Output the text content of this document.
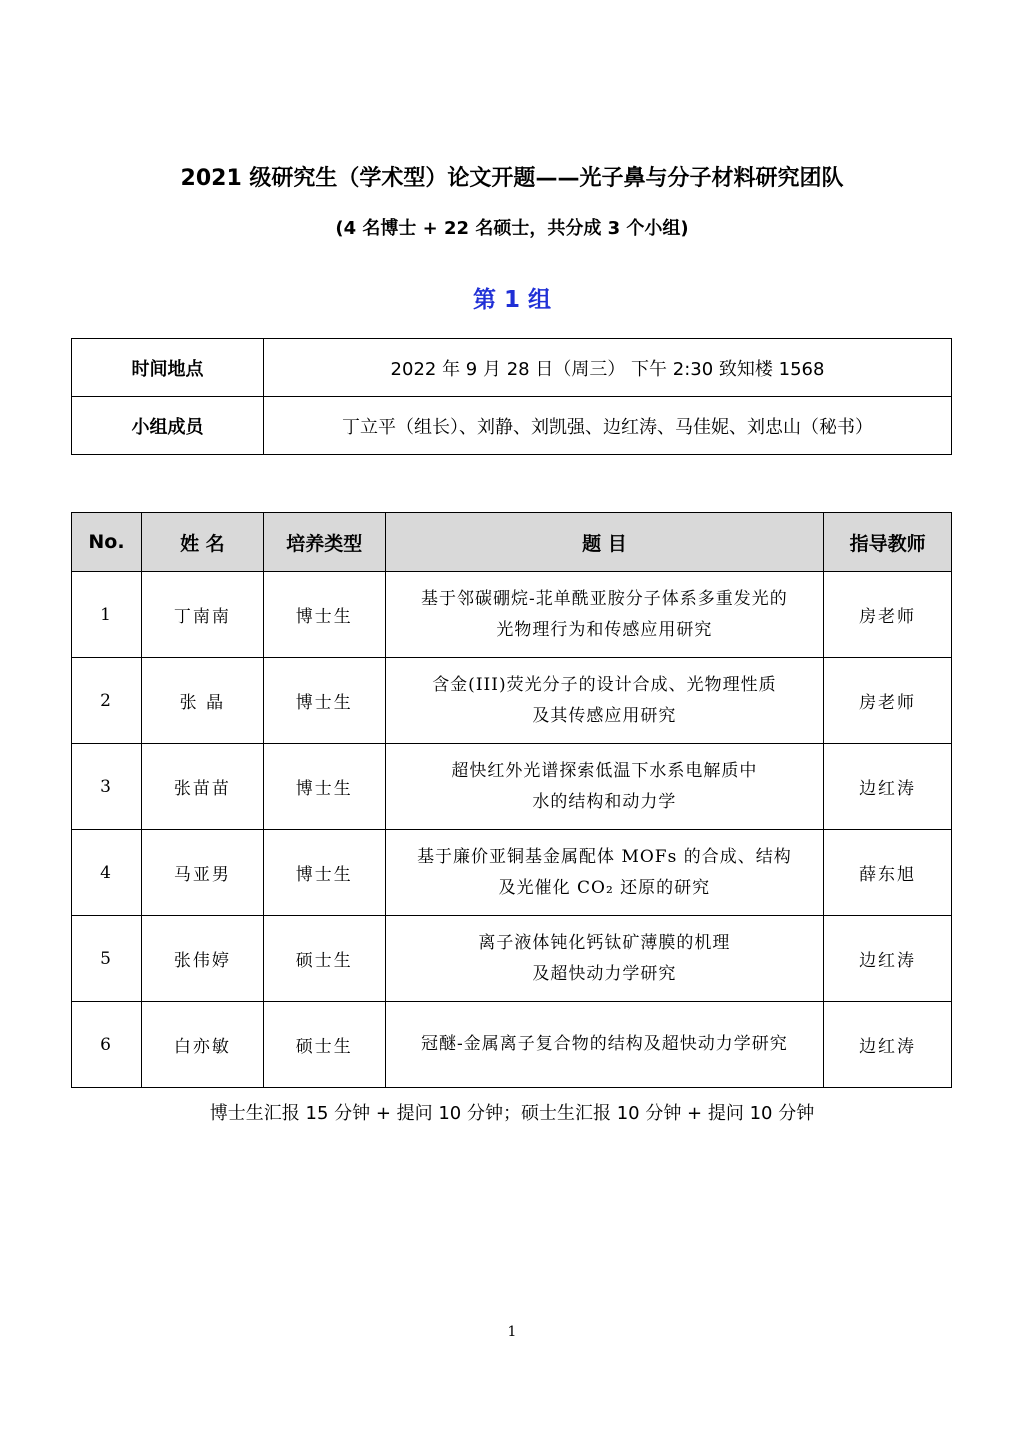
2021 级研究生（学术型）论文开题——光子鼻与分子材料研究团队
(4 名博士 + 22 名硕士，共分成 3 个小组)
第 1 组
时间地点	2022 年 9 月 28 日（周三） 下午 2:30 致知楼 1568
小组成员	丁立平（组长）、刘静、刘凯强、边红涛、马佳妮、刘忠山（秘书）
No.	姓 名	培养类型	题 目	指导教师
1	丁南南	博士生	基于邻碳硼烷-苝单酰亚胺分子体系多重发光的
光物理行为和传感应用研究	房老师
2	张 晶	博士生	含金(III)荧光分子的设计合成、光物理性质
及其传感应用研究	房老师
3	张苗苗	博士生	超快红外光谱探索低温下水系电解质中
水的结构和动力学	边红涛
4	马亚男	博士生	基于廉价亚铜基金属配体 MOFs 的合成、结构
及光催化 CO₂ 还原的研究	薛东旭
5	张伟婷	硕士生	离子液体钝化钙钛矿薄膜的机理
及超快动力学研究	边红涛
6	白亦敏	硕士生	冠醚-金属离子复合物的结构及超快动力学研究	边红涛
博士生汇报 15 分钟 + 提问 10 分钟；硕士生汇报 10 分钟 + 提问 10 分钟
1
